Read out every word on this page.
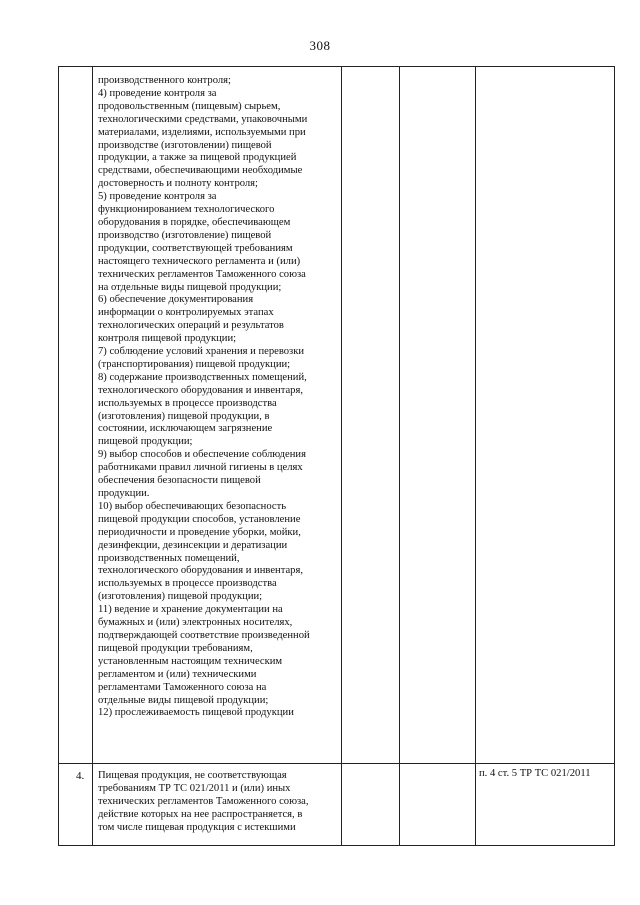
308
производственного контроля;
4) проведение контроля за
продовольственным (пищевым) сырьем,
технологическими средствами, упаковочными
материалами, изделиями, используемыми при
производстве (изготовлении) пищевой
продукции, а также за пищевой продукцией
средствами, обеспечивающими необходимые
достоверность и полноту контроля;
5) проведение контроля за
функционированием технологического
оборудования в порядке, обеспечивающем
производство (изготовление) пищевой
продукции, соответствующей требованиям
настоящего технического регламента и (или)
технических регламентов Таможенного союза
на отдельные виды пищевой продукции;
6) обеспечение документирования
информации о контролируемых этапах
технологических операций и результатов
контроля пищевой продукции;
7) соблюдение условий хранения и перевозки
(транспортирования) пищевой продукции;
8) содержание производственных помещений,
технологического оборудования и инвентаря,
используемых в процессе производства
(изготовления) пищевой продукции, в
состоянии, исключающем загрязнение
пищевой продукции;
9) выбор способов и обеспечение соблюдения
работниками правил личной гигиены в целях
обеспечения безопасности пищевой
продукции.
10) выбор обеспечивающих безопасность
пищевой продукции способов, установление
периодичности и проведение уборки, мойки,
дезинфекции, дезинсекции и дератизации
производственных помещений,
технологического оборудования и инвентаря,
используемых в процессе производства
(изготовления) пищевой продукции;
11) ведение и хранение документации на
бумажных и (или) электронных носителях,
подтверждающей соответствие произведенной
пищевой продукции требованиям,
установленным настоящим техническим
регламентом и (или) техническими
регламентами Таможенного союза на
отдельные виды пищевой продукции;
12) прослеживаемость пищевой продукции
4. Пищевая продукция, не соответствующая
требованиям ТР ТС 021/2011 и (или) иных
технических регламентов Таможенного союза,
действие которых на нее распространяется, в
том числе пищевая продукция с истекшими
п. 4 ст. 5 ТР ТС 021/2011
